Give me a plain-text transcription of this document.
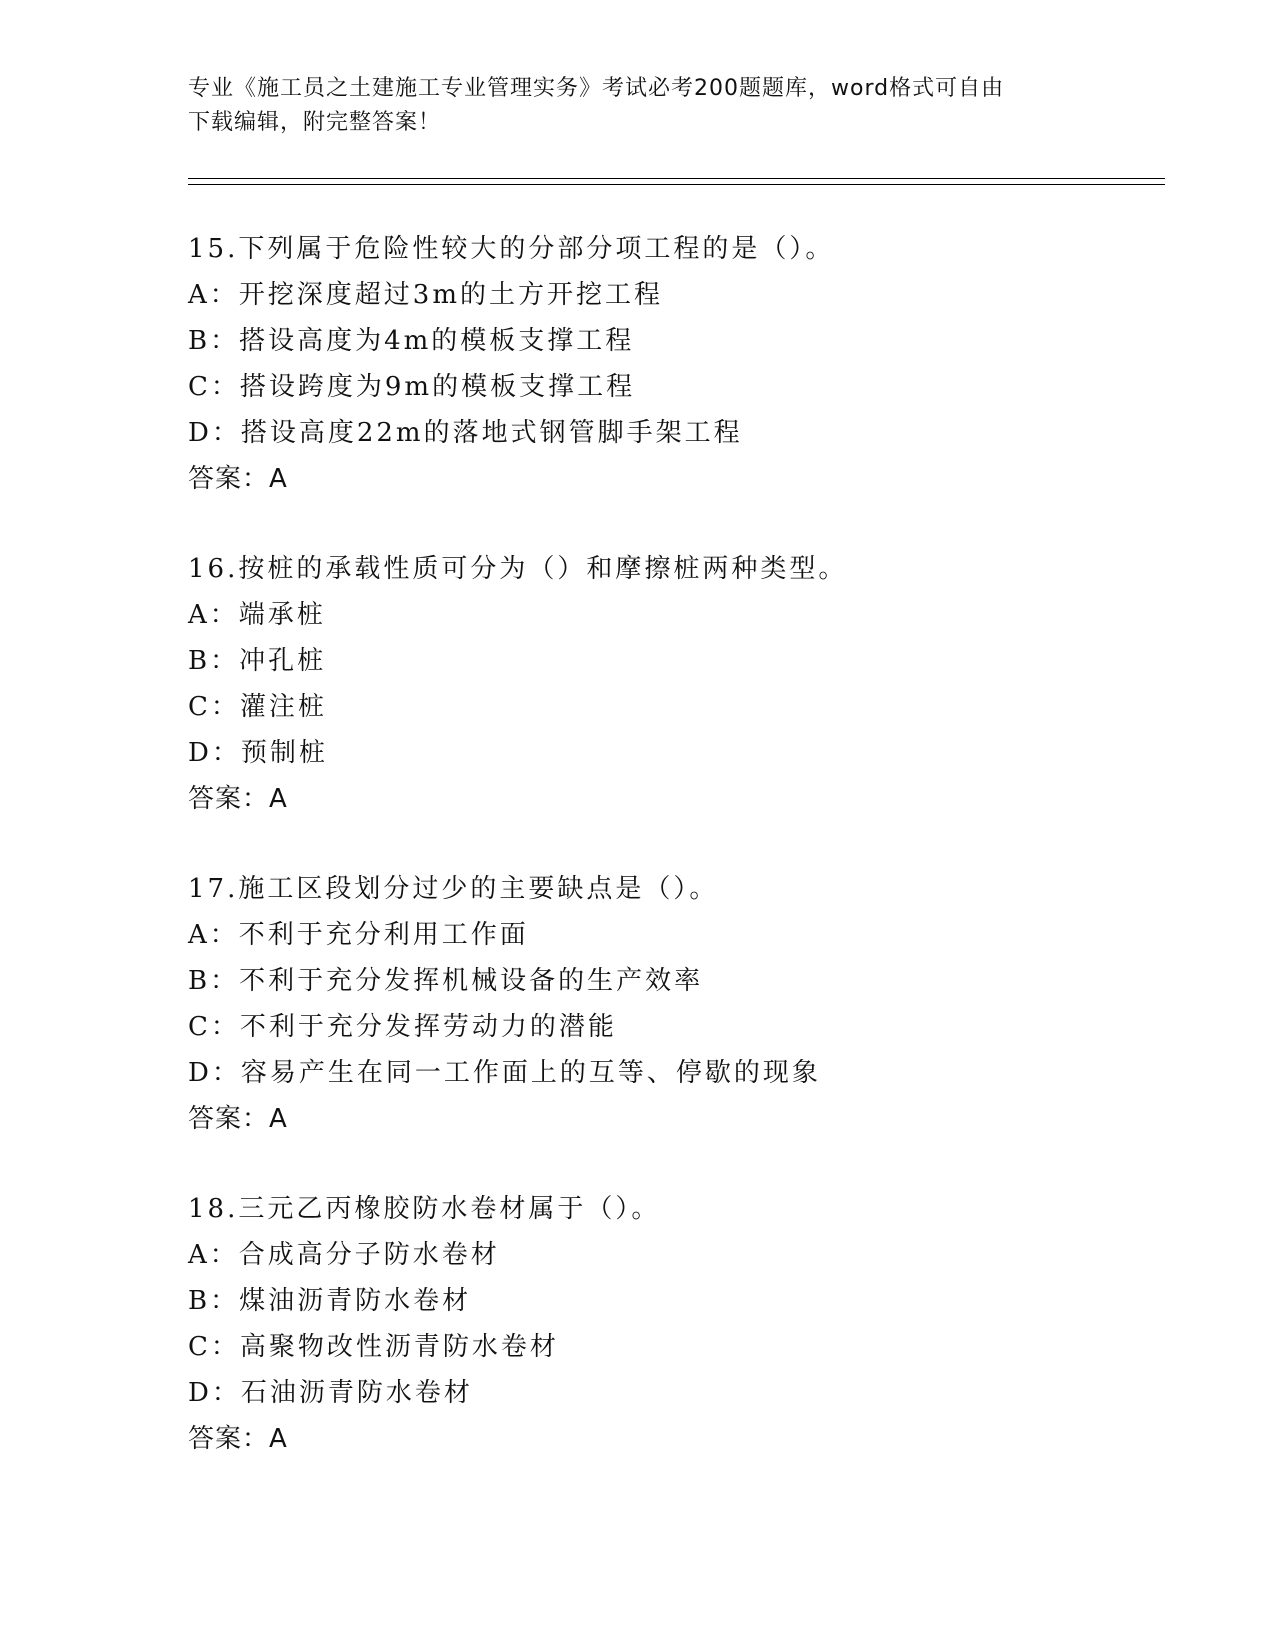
专业《施工员之土建施工专业管理实务》考试必考200题题库，word格式可自由
下载编辑，附完整答案！
15.下列属于危险性较大的分部分项工程的是（）。
A：开挖深度超过3m的土方开挖工程
B：搭设高度为4m的模板支撑工程
C：搭设跨度为9m的模板支撑工程
D：搭设高度22m的落地式钢管脚手架工程
答案：A
16.按桩的承载性质可分为（）和摩擦桩两种类型。
A：端承桩
B：冲孔桩
C：灌注桩
D：预制桩
答案：A
17.施工区段划分过少的主要缺点是（）。
A：不利于充分利用工作面
B：不利于充分发挥机械设备的生产效率
C：不利于充分发挥劳动力的潜能
D：容易产生在同一工作面上的互等、停歇的现象
答案：A
18.三元乙丙橡胶防水卷材属于（）。
A：合成高分子防水卷材
B：煤油沥青防水卷材
C：高聚物改性沥青防水卷材
D：石油沥青防水卷材
答案：A
